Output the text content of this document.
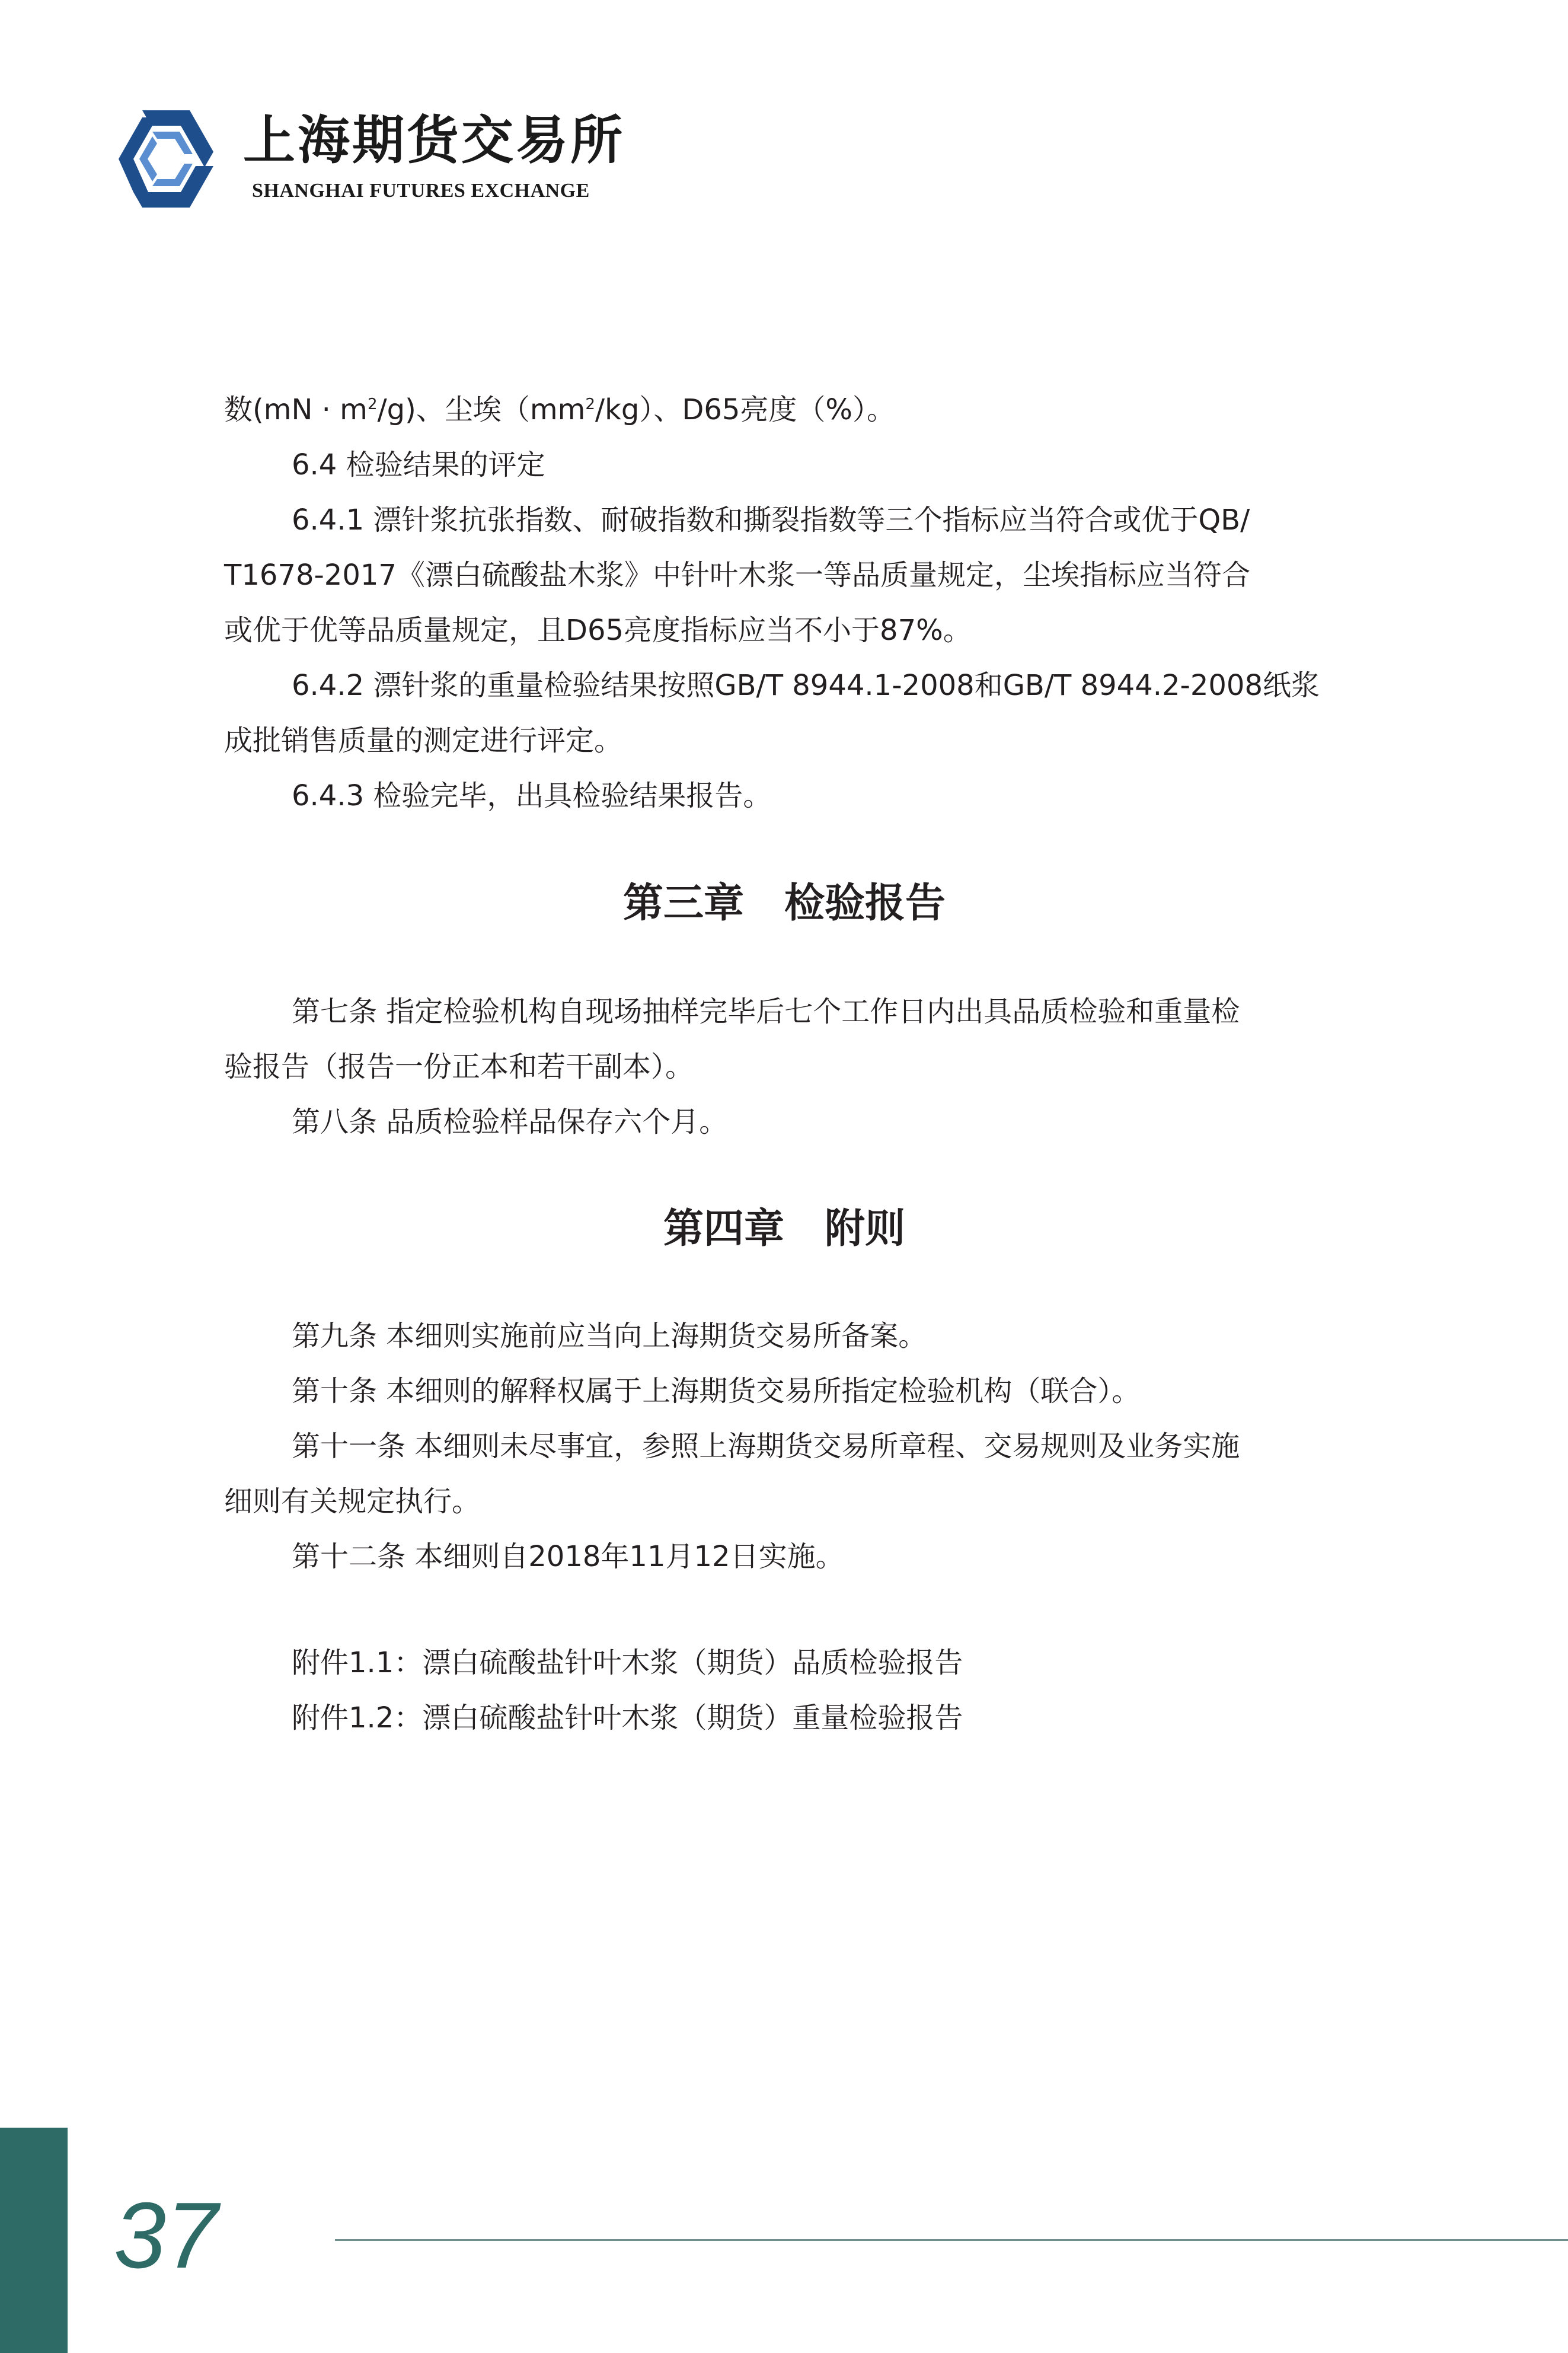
上海期货交易所
SHANGHAI FUTURES EXCHANGE

数$(mN \cdot m^2/g)$、尘埃$(mm^2/kg)$、D65亮度（%）。

6.4 检验结果的评定

6.4.1 漂针浆抗张指数、耐破指数和撕裂指数等三个指标应当符合或优于QB/

T1678-2017《漂白硫酸盐木浆》中针叶木浆一等品质量规定，尘埃指标应当符合

或优于优等品质量规定，且D65亮度指标应当不小于87%。

6.4.2 漂针浆的重量检验结果按照GB/T 8944.1-2008和GB/T 8944.2-2008纸浆

成批销售质量的测定进行评定。

6.4.3 检验完毕，出具检验结果报告。

第三章　检验报告

第七条 指定检验机构自现场抽样完毕后七个工作日内出具品质检验和重量检

验报告（报告一份正本和若干副本）。

第八条 品质检验样品保存六个月。

第四章　附则

第九条 本细则实施前应当向上海期货交易所备案。

第十条 本细则的解释权属于上海期货交易所指定检验机构（联合）。

第十一条 本细则未尽事宜，参照上海期货交易所章程、交易规则及业务实施

细则有关规定执行。

第十二条 本细则自2018年11月12日实施。

附件1.1：漂白硫酸盐针叶木浆（期货）品质检验报告

附件1.2：漂白硫酸盐针叶木浆（期货）重量检验报告

37
